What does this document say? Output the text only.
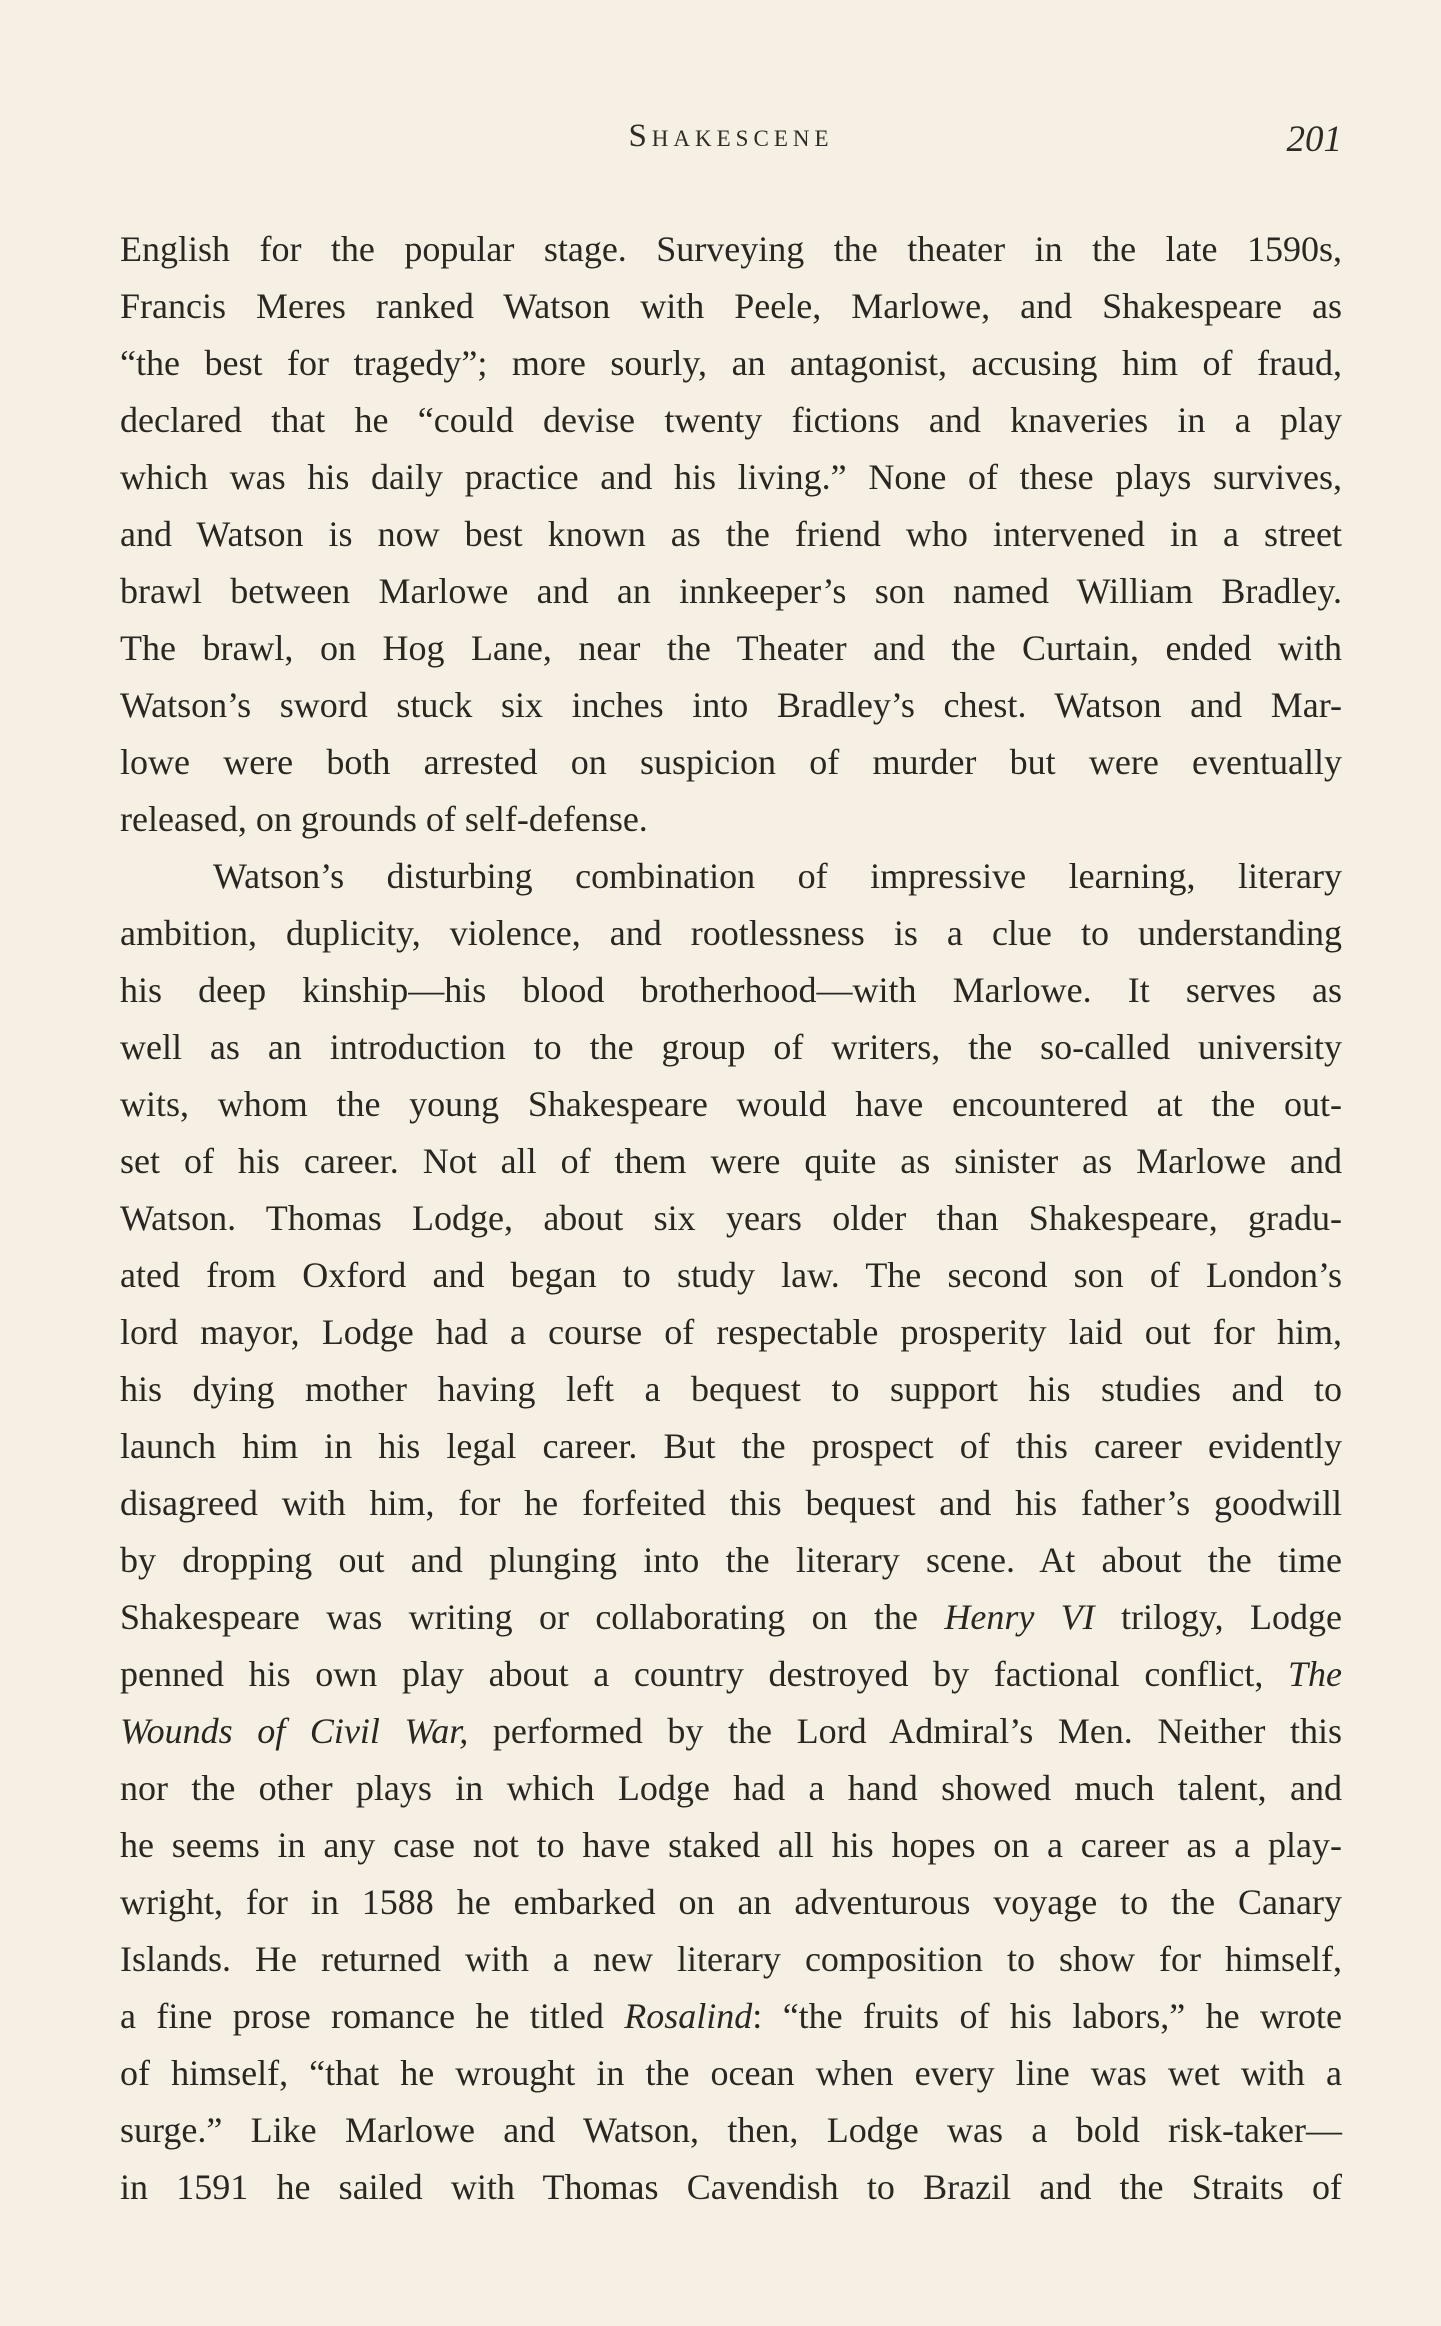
Shakescene	201
English for the popular stage. Surveying the theater in the late 1590s,
Francis Meres ranked Watson with Peele, Marlowe, and Shakespeare as
“the best for tragedy”; more sourly, an antagonist, accusing him of fraud,
declared that he “could devise twenty fictions and knaveries in a play
which was his daily practice and his living.” None of these plays survives,
and Watson is now best known as the friend who intervened in a street
brawl between Marlowe and an innkeeper’s son named William Bradley.
The brawl, on Hog Lane, near the Theater and the Curtain, ended with
Watson’s sword stuck six inches into Bradley’s chest. Watson and Mar-
lowe were both arrested on suspicion of murder but were eventually
released, on grounds of self-defense.
Watson’s disturbing combination of impressive learning, literary
ambition, duplicity, violence, and rootlessness is a clue to understanding
his deep kinship—his blood brotherhood—with Marlowe. It serves as
well as an introduction to the group of writers, the so-called university
wits, whom the young Shakespeare would have encountered at the out-
set of his career. Not all of them were quite as sinister as Marlowe and
Watson. Thomas Lodge, about six years older than Shakespeare, gradu-
ated from Oxford and began to study law. The second son of London’s
lord mayor, Lodge had a course of respectable prosperity laid out for him,
his dying mother having left a bequest to support his studies and to
launch him in his legal career. But the prospect of this career evidently
disagreed with him, for he forfeited this bequest and his father’s goodwill
by dropping out and plunging into the literary scene. At about the time
Shakespeare was writing or collaborating on the Henry VI trilogy, Lodge
penned his own play about a country destroyed by factional conflict, The
Wounds of Civil War, performed by the Lord Admiral’s Men. Neither this
nor the other plays in which Lodge had a hand showed much talent, and
he seems in any case not to have staked all his hopes on a career as a play-
wright, for in 1588 he embarked on an adventurous voyage to the Canary
Islands. He returned with a new literary composition to show for himself,
a fine prose romance he titled Rosalind: “the fruits of his labors,” he wrote
of himself, “that he wrought in the ocean when every line was wet with a
surge.” Like Marlowe and Watson, then, Lodge was a bold risk-taker—
in 1591 he sailed with Thomas Cavendish to Brazil and the Straits of
